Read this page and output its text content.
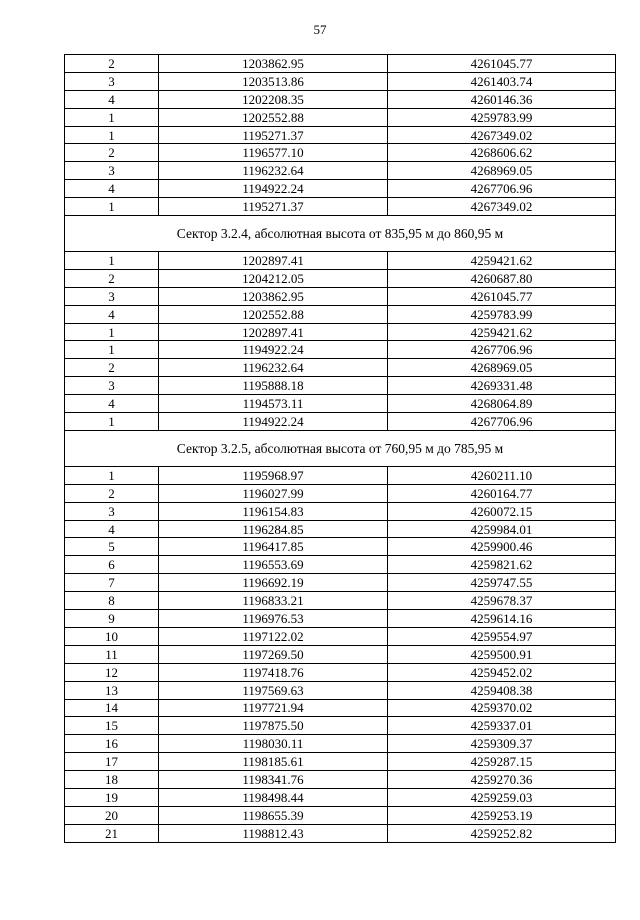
57
2	1203862.95	4261045.77
3	1203513.86	4261403.74
4	1202208.35	4260146.36
1	1202552.88	4259783.99
1	1195271.37	4267349.02
2	1196577.10	4268606.62
3	1196232.64	4268969.05
4	1194922.24	4267706.96
1	1195271.37	4267349.02
Сектор 3.2.4, абсолютная высота от 835,95 м до 860,95 м		
1	1202897.41	4259421.62
2	1204212.05	4260687.80
3	1203862.95	4261045.77
4	1202552.88	4259783.99
1	1202897.41	4259421.62
1	1194922.24	4267706.96
2	1196232.64	4268969.05
3	1195888.18	4269331.48
4	1194573.11	4268064.89
1	1194922.24	4267706.96
Сектор 3.2.5, абсолютная высота от 760,95 м до 785,95 м		
1	1195968.97	4260211.10
2	1196027.99	4260164.77
3	1196154.83	4260072.15
4	1196284.85	4259984.01
5	1196417.85	4259900.46
6	1196553.69	4259821.62
7	1196692.19	4259747.55
8	1196833.21	4259678.37
9	1196976.53	4259614.16
10	1197122.02	4259554.97
11	1197269.50	4259500.91
12	1197418.76	4259452.02
13	1197569.63	4259408.38
14	1197721.94	4259370.02
15	1197875.50	4259337.01
16	1198030.11	4259309.37
17	1198185.61	4259287.15
18	1198341.76	4259270.36
19	1198498.44	4259259.03
20	1198655.39	4259253.19
21	1198812.43	4259252.82
